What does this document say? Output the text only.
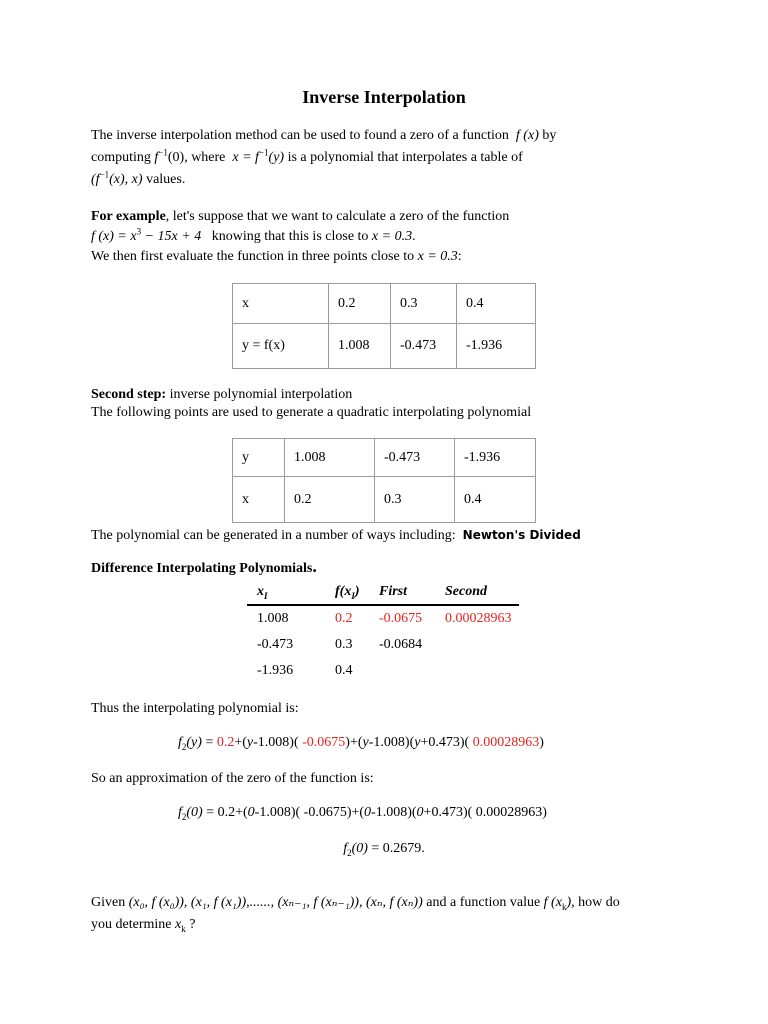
Inverse Interpolation
The inverse interpolation method can be used to found a zero of a function f (x) by
computing $f^{-1}(0)$, where $x = f^{-1}(y)$ is a polynomial that interpolates a table of
($f^{-1}(x)$, x) values.
For example, let's suppose that we want to calculate a zero of the function
f $(x) = x^3 - 15x + 4$ knowing that this is close to x = 0.3.
We then first evaluate the function in three points close to x = 0.3:
x	0.2	0.3	0.4
y = f(x)	1.008	-0.473	-1.936
Second step: inverse polynomial interpolation
The following points are used to generate a quadratic interpolating polynomial
y	1.008	-0.473	-1.936
x	0.2	0.3	0.4
The polynomial can be generated in a number of ways including: Newton's Divided
Difference Interpolating Polynomials.
$x_I$	$f(x_I)$	First	Second
1.008	0.2	-0.0675	0.00028963
-0.473	0.3	-0.0684	
-1.936	0.4		
Thus the interpolating polynomial is:
$f_2(y) = 0.2+(y-1.008)$( -0.0675)+(y-1.008)(y+0.473)( 0.00028963)
So an approximation of the zero of the function is:
$f_2(0) = 0.2+(0-1.008)$( -0.0675)+(0-1.008)(0+0.473)( 0.00028963)
$f_2(0) = 0.2679$.
Given (x₀, f (x₀)), (x₁, f (x₁)),......, (xₙ₋₁, f (xₙ₋₁)), (xₙ, f (xₙ)) and a function value f $(x_k)$, how do
you determine $x_k$ ?
